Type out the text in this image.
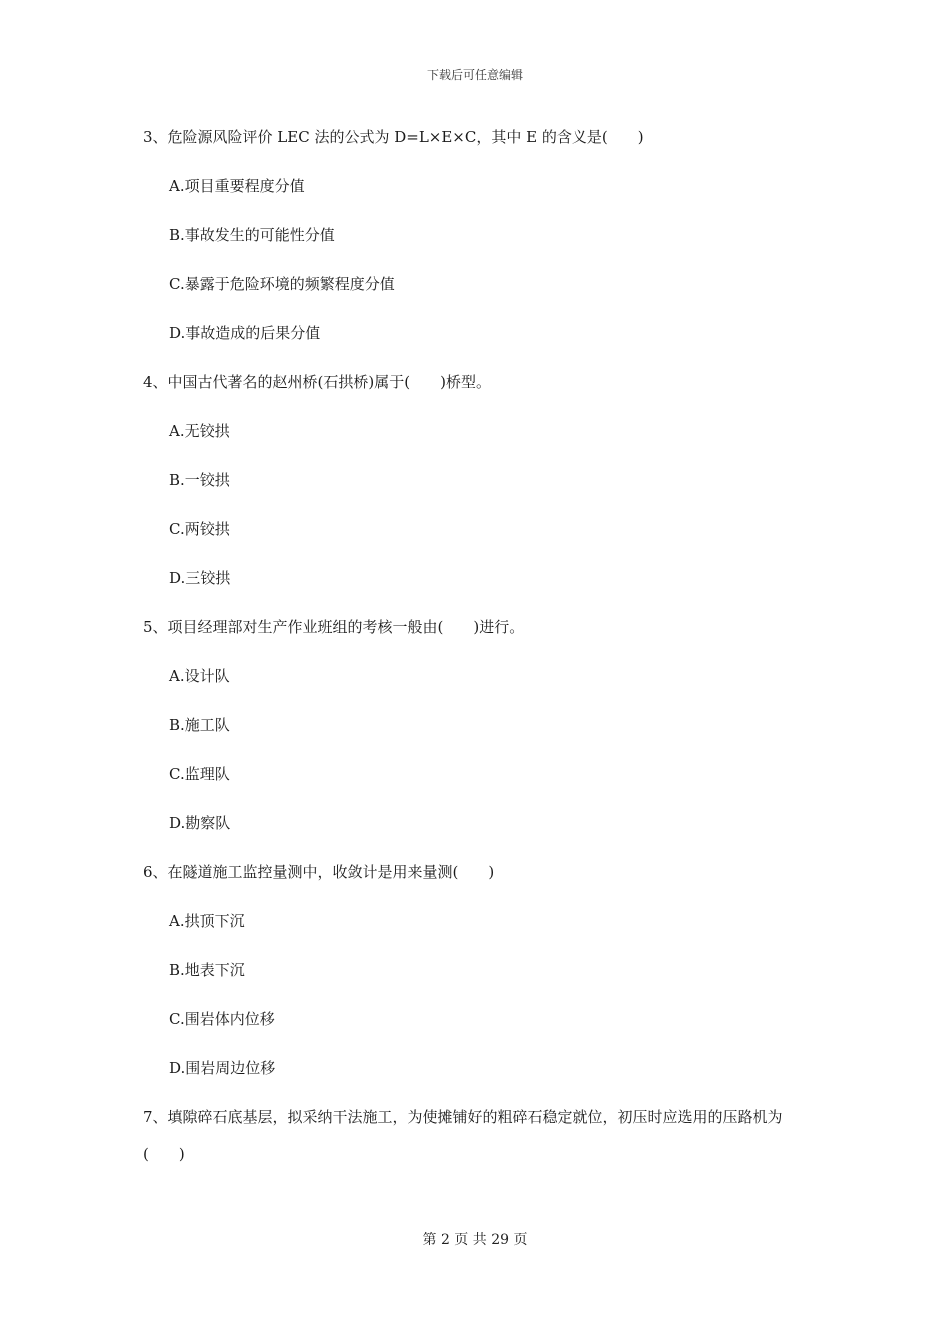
下载后可任意编辑

3、危险源风险评价 LEC 法的公式为 D=L×E×C，其中 E 的含义是(　　)

A.项目重要程度分值

B.事故发生的可能性分值

C.暴露于危险环境的频繁程度分值

D.事故造成的后果分值

4、中国古代著名的赵州桥(石拱桥)属于(　　)桥型。

A.无铰拱

B.一铰拱

C.两铰拱

D.三铰拱

5、项目经理部对生产作业班组的考核一般由(　　)进行。

A.设计队

B.施工队

C.监理队

D.勘察队

6、在隧道施工监控量测中，收敛计是用来量测(　　)

A.拱顶下沉

B.地表下沉

C.围岩体内位移

D.围岩周边位移

7、填隙碎石底基层，拟采纳干法施工，为使摊铺好的粗碎石稳定就位，初压时应选用的压路机为(　　)

第 2 页 共 29 页
